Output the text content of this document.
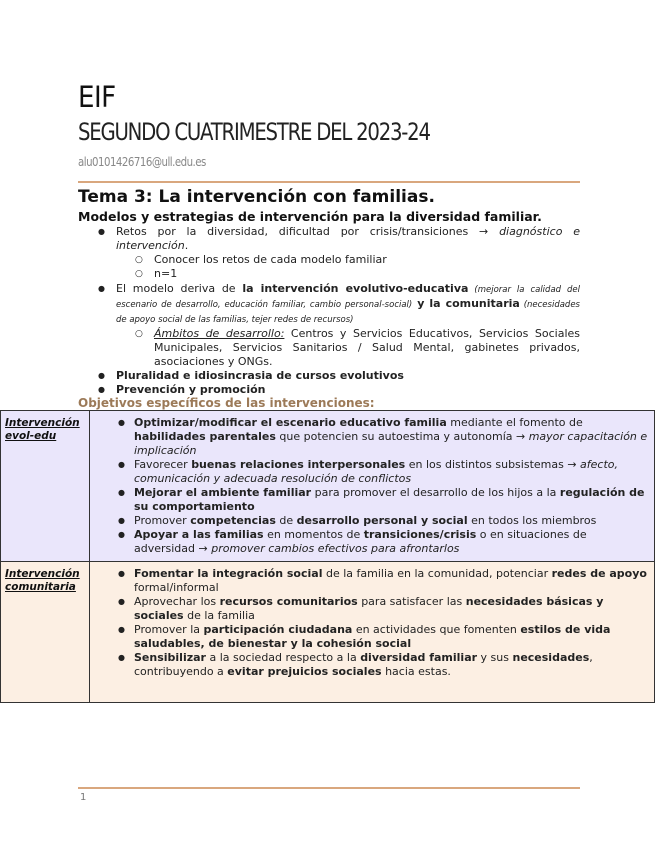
EIF
SEGUNDO CUATRIMESTRE DEL 2023-24
alu0101426716@ull.edu.es
Tema 3: La intervención con familias.
Modelos y estrategias de intervención para la diversidad familiar.
● Retos por la diversidad, dificultad por crisis/transiciones → diagnóstico e intervención.
○ Conocer los retos de cada modelo familiar
○ n=1
● El modelo deriva de la intervención evolutivo-educativa (mejorar la calidad del escenario de desarrollo, educación familiar, cambio personal-social) y la comunitaria (necesidades de apoyo social de las familias, tejer redes de recursos)
○ Ámbitos de desarrollo: Centros y Servicios Educativos, Servicios Sociales Municipales, Servicios Sanitarios / Salud Mental, gabinetes privados, asociaciones y ONGs.
● Pluralidad e idiosincrasia de cursos evolutivos
● Prevención y promoción
Objetivos específicos de las intervenciones:
Intervención evol-edu	● Optimizar/modificar el escenario educativo familia mediante el fomento de habilidades parentales que potencien su autoestima y autonomía → mayor capacitación e implicación
● Favorecer buenas relaciones interpersonales en los distintos subsistemas → afecto, comunicación y adecuada resolución de conflictos
● Mejorar el ambiente familiar para promover el desarrollo de los hijos a la regulación de su comportamiento
● Promover competencias de desarrollo personal y social en todos los miembros
● Apoyar a las familias en momentos de transiciones/crisis o en situaciones de adversidad → promover cambios efectivos para afrontarlos

Intervención comunitaria	● Fomentar la integración social de la familia en la comunidad, potenciar redes de apoyo formal/informal
● Aprovechar los recursos comunitarios para satisfacer las necesidades básicas y sociales de la familia
● Promover la participación ciudadana en actividades que fomenten estilos de vida saludables, de bienestar y la cohesión social
● Sensibilizar a la sociedad respecto a la diversidad familiar y sus necesidades, contribuyendo a evitar prejuicios sociales hacia estas.
1
